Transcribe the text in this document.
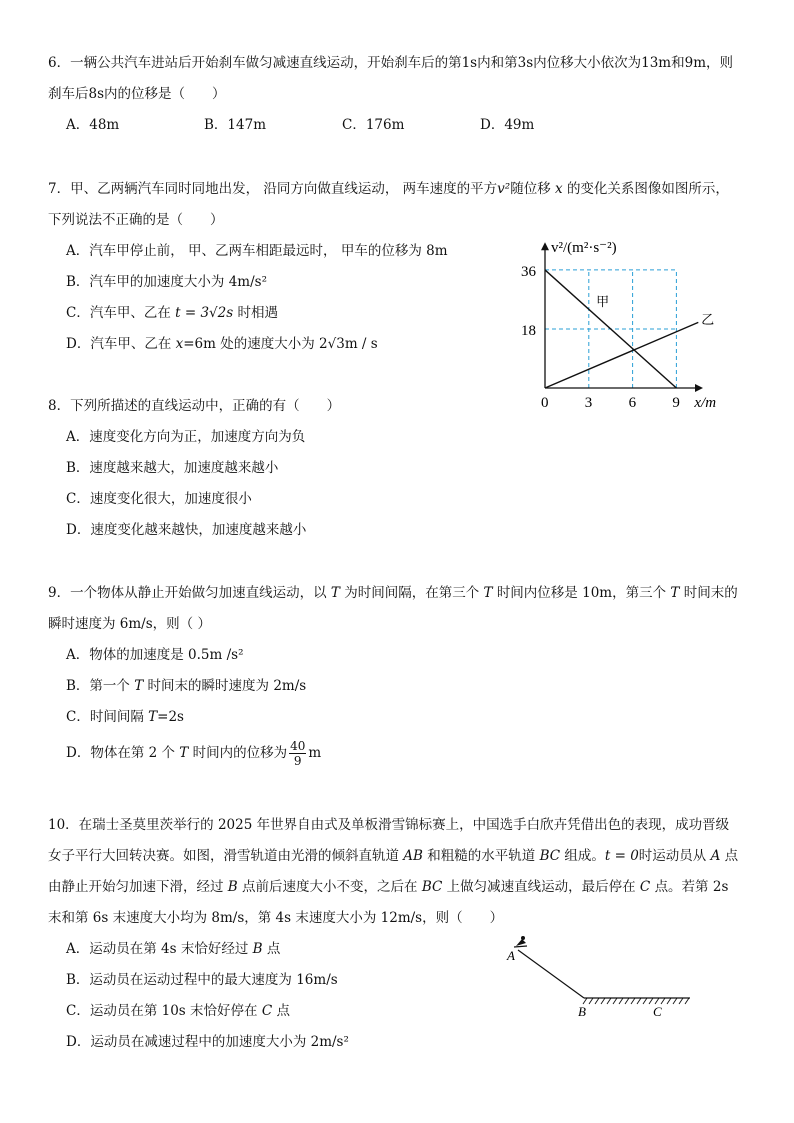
6．一辆公共汽车进站后开始刹车做匀减速直线运动，开始刹车后的第1s内和第3s内位移大小依次为13m和9m，则

刹车后8s内的位移是（　　）

A．48m	B．147m	C．176m	D．49m

7．甲、乙两辆汽车同时同地出发， 沿同方向做直线运动， 两车速度的平方v²随位移 x 的变化关系图像如图所示，

下列说法不正确的是（　　）

A．汽车甲停止前， 甲、乙两车相距最远时， 甲车的位移为 8m
B．汽车甲的加速度大小为 4m/s²
C．汽车甲、乙在 t = 3√2s 时相遇
D．汽车甲、乙在 x=6m 处的速度大小为 2√3m / s
甲
乙
0 3 6 9
18
36
x/m
v²/(m²·s⁻²)

8．下列所描述的直线运动中，正确的有（　　）

A．速度变化方向为正，加速度方向为负
B．速度越来越大，加速度越来越小
C．速度变化很大，加速度很小
D．速度变化越来越快，加速度越来越小

9．一个物体从静止开始做匀加速直线运动，以 T 为时间间隔，在第三个 T 时间内位移是 10m，第三个 T 时间末的

瞬时速度为 6m/s，则（ ）

A．物体的加速度是 0.5m /s²
B．第一个 T 时间末的瞬时速度为 2m/s
C．时间间隔 T=2s
D．物体在第 2 个 T 时间内的位移为 $\frac{40}{9}$ m

10．在瑞士圣莫里茨举行的 2025 年世界自由式及单板滑雪锦标赛上，中国选手白欣卉凭借出色的表现，成功晋级

女子平行大回转决赛。如图，滑雪轨道由光滑的倾斜直轨道 AB 和粗糙的水平轨道 BC 组成。t = 0时运动员从 A 点

由静止开始匀加速下滑，经过 B 点前后速度大小不变，之后在 BC 上做匀减速直线运动，最后停在 C 点。若第 2s

末和第 6s 末速度大小均为 8m/s，第 4s 末速度大小为 12m/s，则（　　）

A．运动员在第 4s 末恰好经过 B 点
B．运动员在运动过程中的最大速度为 16m/s
C．运动员在第 10s 末恰好停在 C 点
D．运动员在减速过程中的加速度大小为 2m/s²
A
B	C
